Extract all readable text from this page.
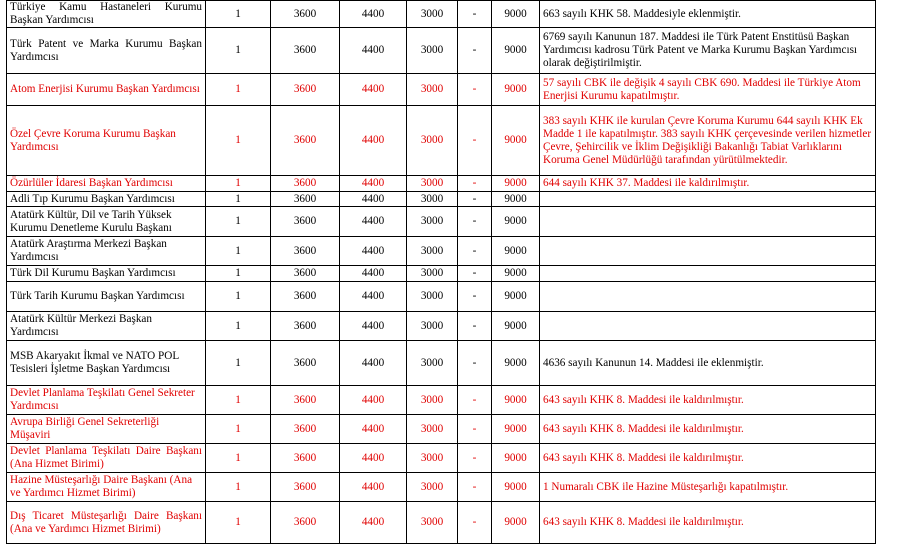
Türkiye Kamu Hastaneleri Kurumu Başkan Yardımcısı	1	3600	4400	3000	-	9000	663 sayılı KHK 58. Maddesiyle eklenmiştir.
Türk Patent ve Marka Kurumu Başkan Yardımcısı	1	3600	4400	3000	-	9000	6769 sayılı Kanunun 187. Maddesi ile Türk Patent Enstitüsü Başkan Yardımcısı kadrosu Türk Patent ve Marka Kurumu Başkan Yardımcısı olarak değiştirilmiştir.
Atom Enerjisi Kurumu Başkan Yardımcısı	1	3600	4400	3000	-	9000	57 sayılı CBK ile değişik 4 sayılı CBK 690. Maddesi ile Türkiye Atom Enerjisi Kurumu kapatılmıştır.
Özel Çevre Koruma Kurumu Başkan Yardımcısı	1	3600	4400	3000	-	9000	383 sayılı KHK ile kurulan Çevre Koruma Kurumu 644 sayılı KHK Ek Madde 1 ile kapatılmıştır. 383 sayılı KHK çerçevesinde verilen hizmetler Çevre, Şehircilik ve İklim Değişikliği Bakanlığı Tabiat Varlıklarını Koruma Genel Müdürlüğü tarafından yürütülmektedir.
Özürlüler İdaresi Başkan Yardımcısı	1	3600	4400	3000	-	9000	644 sayılı KHK 37. Maddesi ile kaldırılmıştır.
Adli Tıp Kurumu Başkan Yardımcısı	1	3600	4400	3000	-	9000	
Atatürk Kültür, Dil ve Tarih Yüksek Kurumu Denetleme Kurulu Başkanı	1	3600	4400	3000	-	9000	
Atatürk Araştırma Merkezi Başkan Yardımcısı	1	3600	4400	3000	-	9000	
Türk Dil Kurumu Başkan Yardımcısı	1	3600	4400	3000	-	9000	
Türk Tarih Kurumu Başkan Yardımcısı	1	3600	4400	3000	-	9000	
Atatürk Kültür Merkezi Başkan Yardımcısı	1	3600	4400	3000	-	9000	
MSB Akaryakıt İkmal ve NATO POL Tesisleri İşletme Başkan Yardımcısı	1	3600	4400	3000	-	9000	4636 sayılı Kanunun 14. Maddesi ile eklenmiştir.
Devlet Planlama Teşkilatı Genel Sekreter Yardımcısı	1	3600	4400	3000	-	9000	643 sayılı KHK 8. Maddesi ile kaldırılmıştır.
Avrupa Birliği Genel Sekreterliği Müşaviri	1	3600	4400	3000	-	9000	643 sayılı KHK 8. Maddesi ile kaldırılmıştır.
Devlet Planlama Teşkilatı Daire Başkanı (Ana Hizmet Birimi)	1	3600	4400	3000	-	9000	643 sayılı KHK 8. Maddesi ile kaldırılmıştır.
Hazine Müsteşarlığı Daire Başkanı (Ana ve Yardımcı Hizmet Birimi)	1	3600	4400	3000	-	9000	1 Numaralı CBK ile Hazine Müsteşarlığı kapatılmıştır.
Dış Ticaret Müsteşarlığı Daire Başkanı (Ana ve Yardımcı Hizmet Birimi)	1	3600	4400	3000	-	9000	643 sayılı KHK 8. Maddesi ile kaldırılmıştır.
